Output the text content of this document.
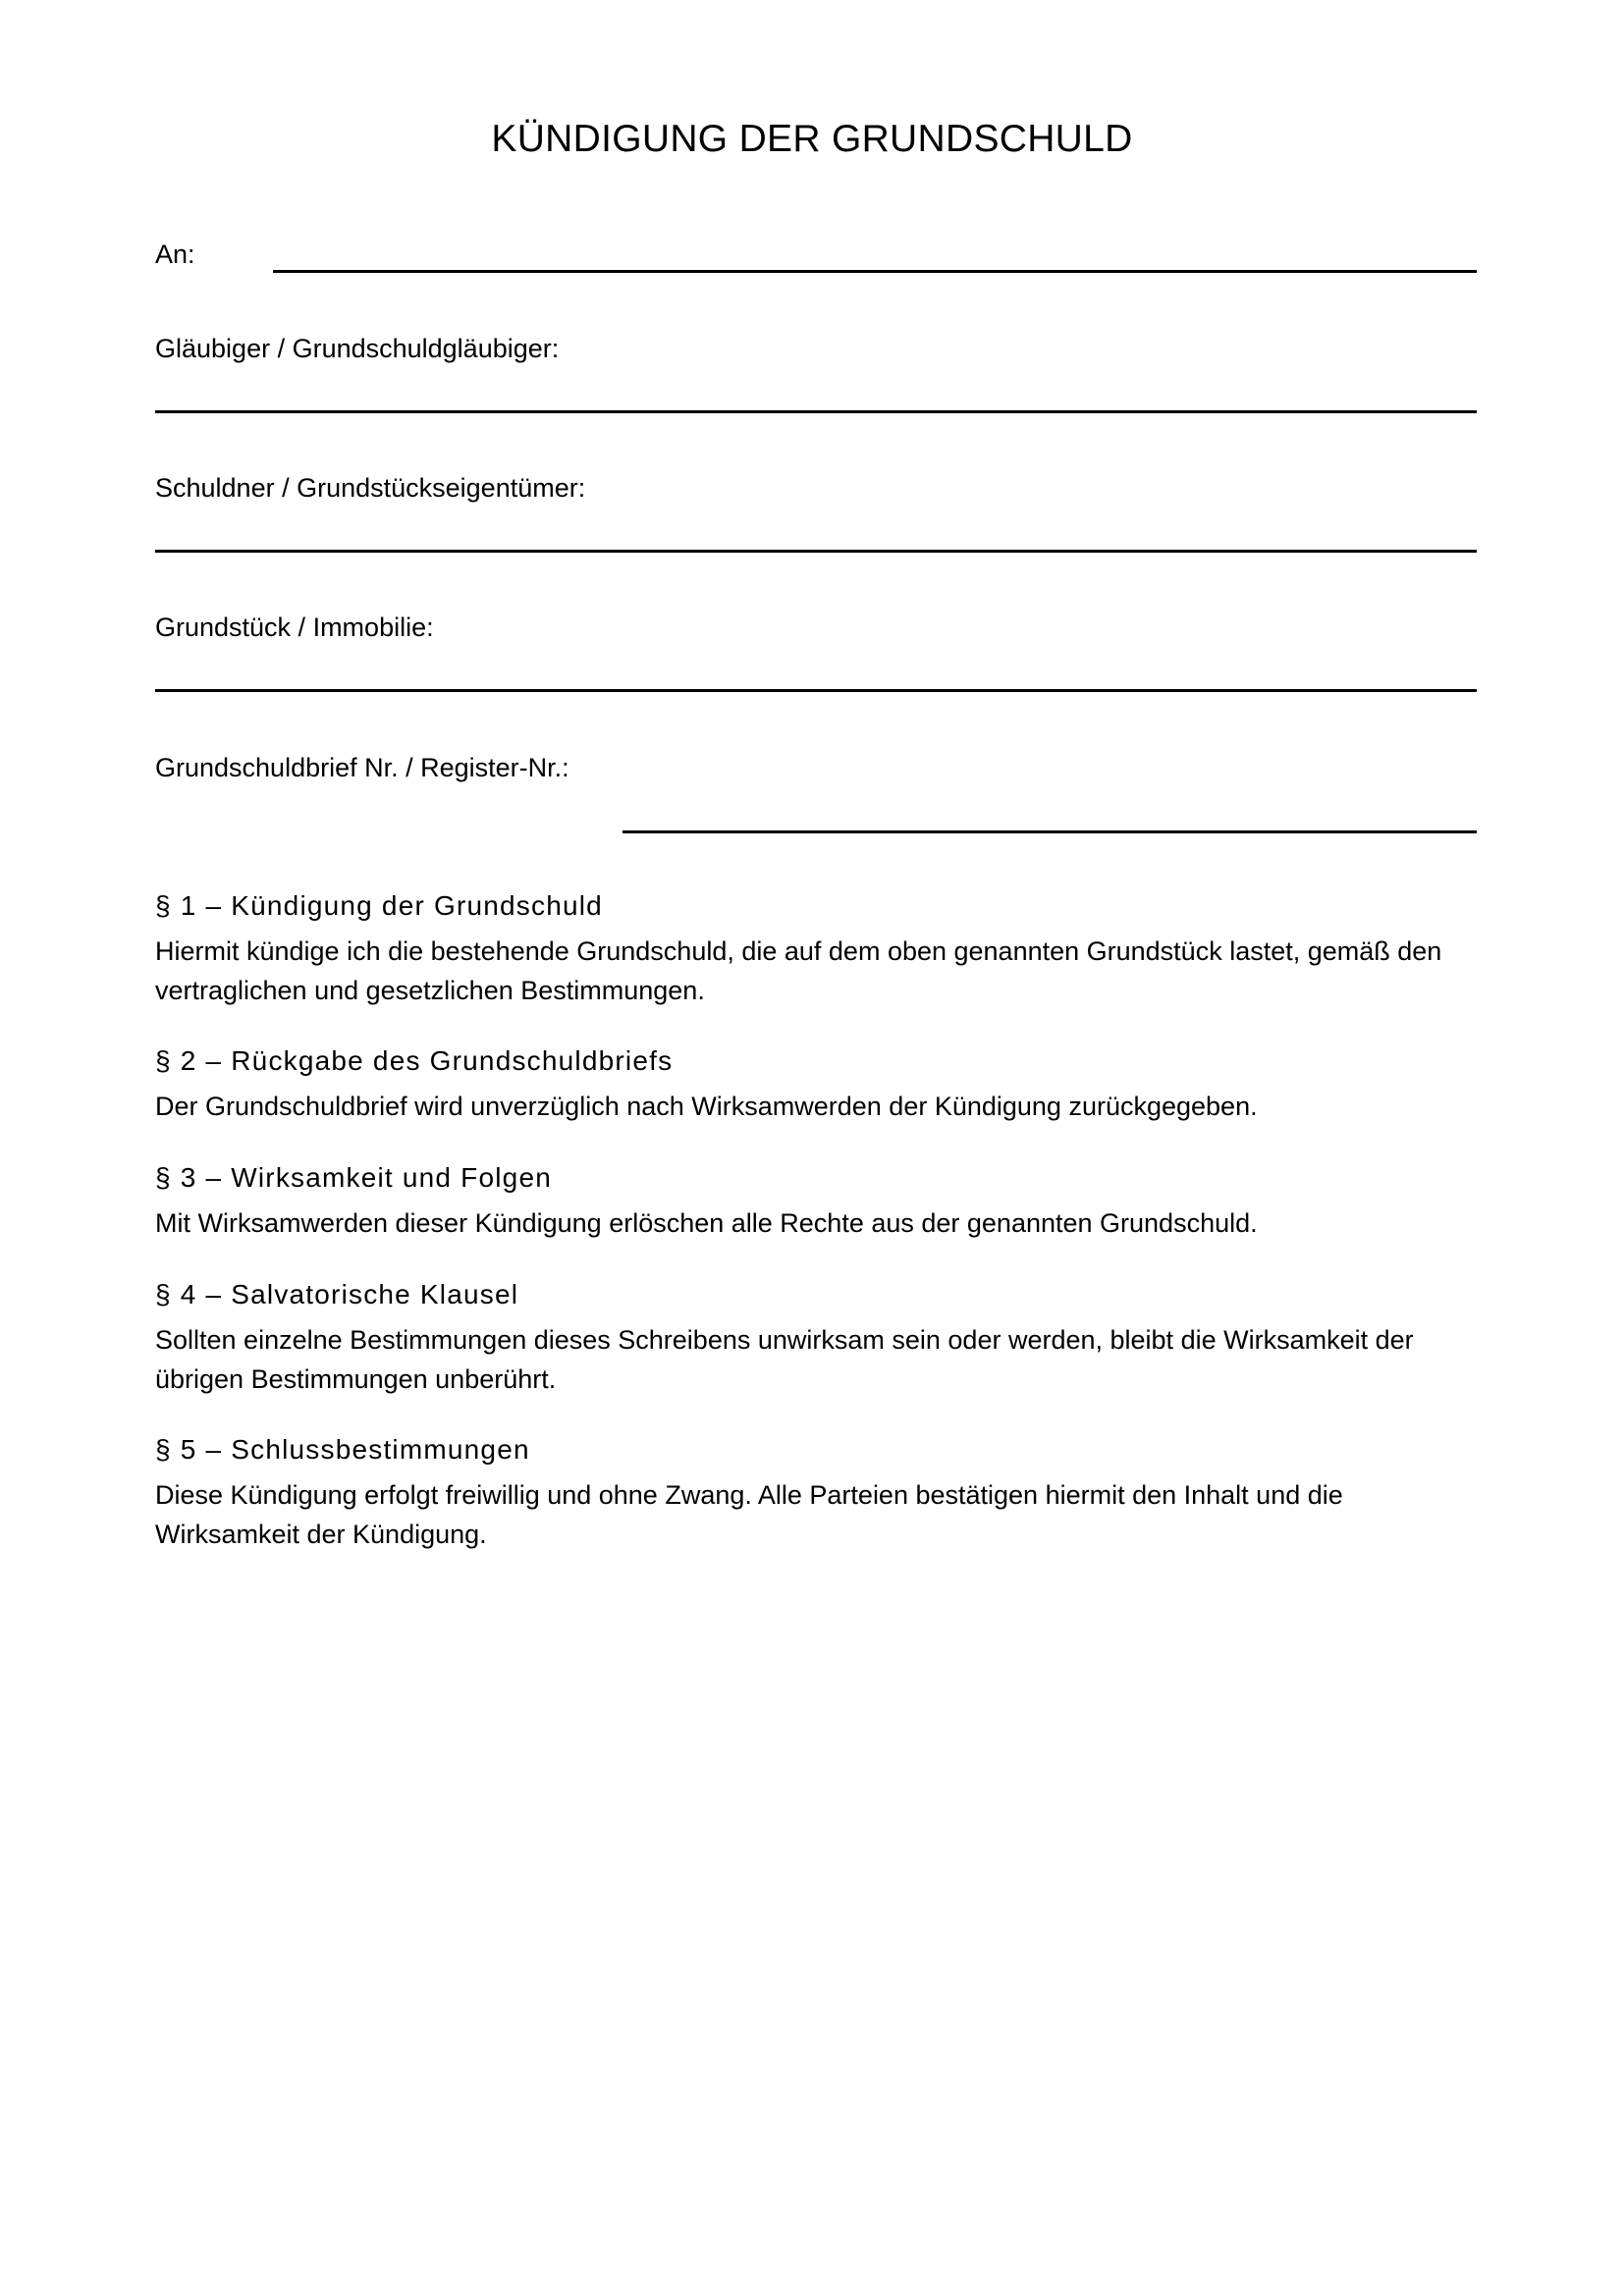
KÜNDIGUNG DER GRUNDSCHULD
An:
Gläubiger / Grundschuldgläubiger:
Schuldner / Grundstückseigentümer:
Grundstück / Immobilie:
Grundschuldbrief Nr. / Register-Nr.:
§ 1 – Kündigung der Grundschuld

Hiermit kündige ich die bestehende Grundschuld, die auf dem oben genannten Grundstück lastet, gemäß den vertraglichen und gesetzlichen Bestimmungen.

§ 2 – Rückgabe des Grundschuldbriefs

Der Grundschuldbrief wird unverzüglich nach Wirksamwerden der Kündigung zurückgegeben.

§ 3 – Wirksamkeit und Folgen

Mit Wirksamwerden dieser Kündigung erlöschen alle Rechte aus der genannten Grundschuld.

§ 4 – Salvatorische Klausel

Sollten einzelne Bestimmungen dieses Schreibens unwirksam sein oder werden, bleibt die Wirksamkeit der übrigen Bestimmungen unberührt.

§ 5 – Schlussbestimmungen

Diese Kündigung erfolgt freiwillig und ohne Zwang. Alle Parteien bestätigen hiermit den Inhalt und die Wirksamkeit der Kündigung.
